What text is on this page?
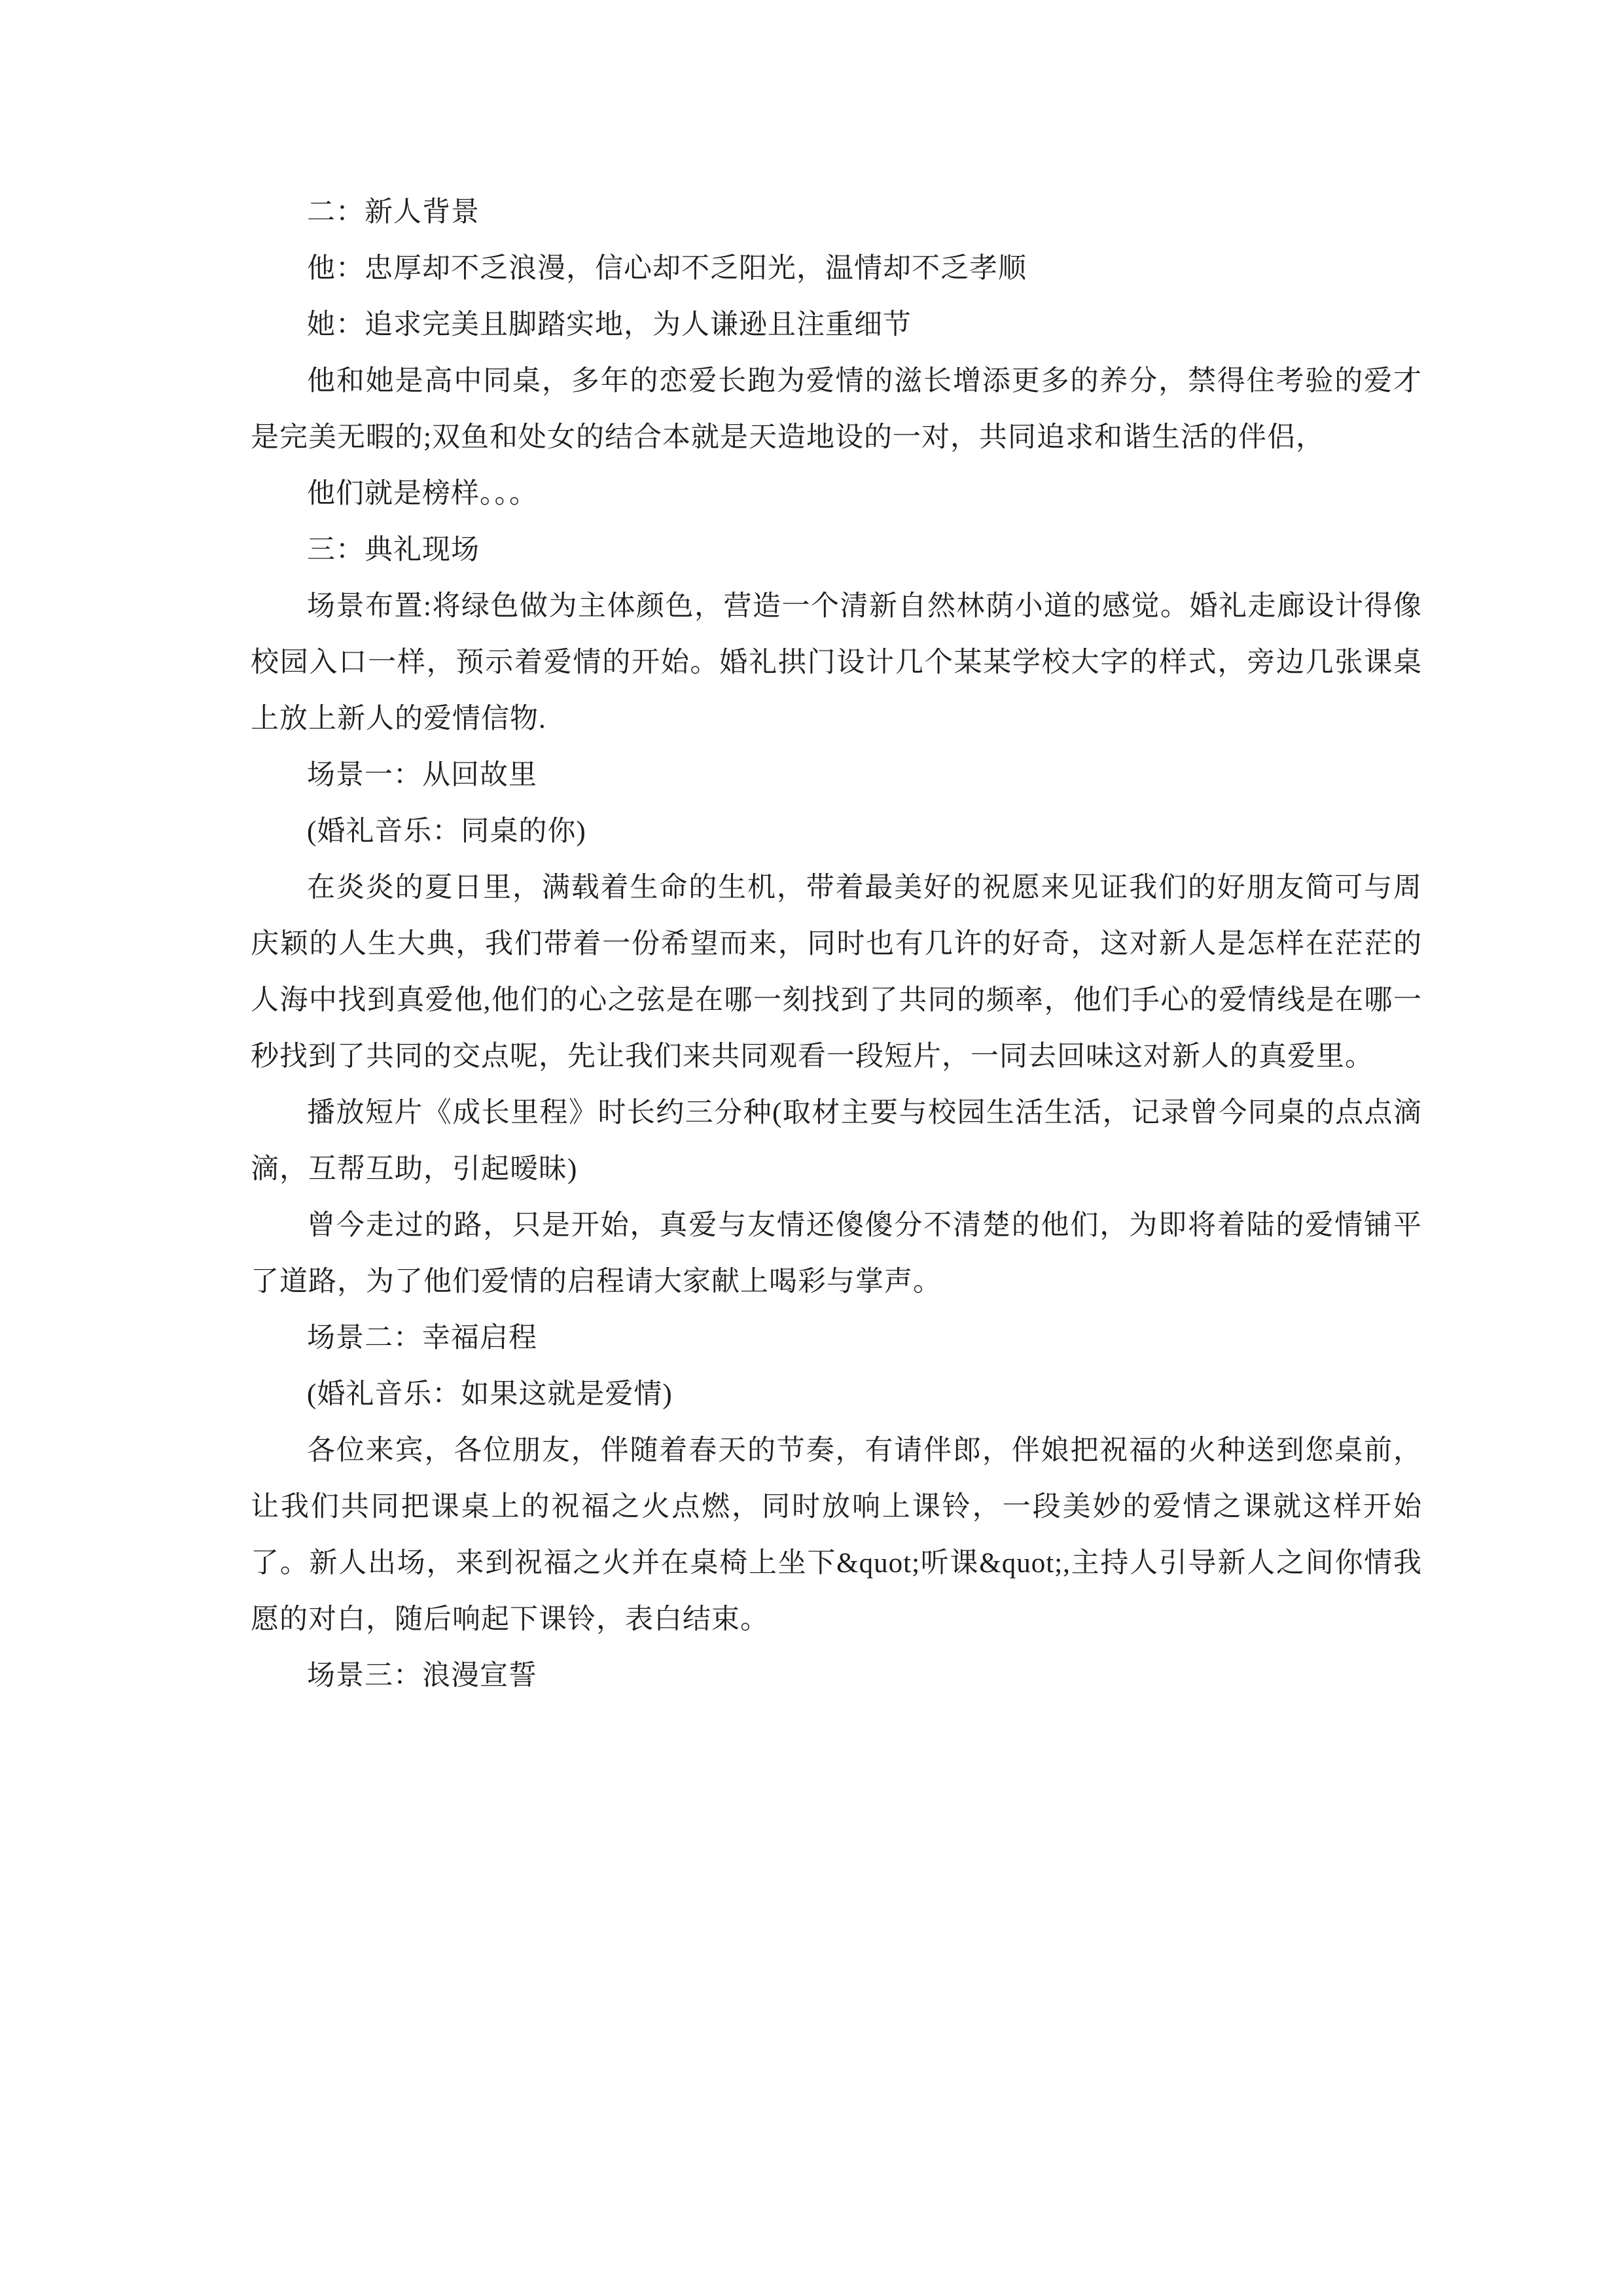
二：新人背景

他：忠厚却不乏浪漫，信心却不乏阳光，温情却不乏孝顺

她：追求完美且脚踏实地，为人谦逊且注重细节

他和她是高中同桌，多年的恋爱长跑为爱情的滋长增添更多的养分，禁得住考验的爱才是完美无暇的;双鱼和处女的结合本就是天造地设的一对，共同追求和谐生活的伴侣，

他们就是榜样。。。

三：典礼现场

场景布置:将绿色做为主体颜色，营造一个清新自然林荫小道的感觉。婚礼走廊设计得像校园入口一样，预示着爱情的开始。婚礼拱门设计几个某某学校大字的样式，旁边几张课桌上放上新人的爱情信物.

场景一：从回故里

(婚礼音乐：同桌的你)

在炎炎的夏日里，满载着生命的生机，带着最美好的祝愿来见证我们的好朋友简可与周庆颖的人生大典，我们带着一份希望而来，同时也有几许的好奇，这对新人是怎样在茫茫的人海中找到真爱他,他们的心之弦是在哪一刻找到了共同的频率，他们手心的爱情线是在哪一秒找到了共同的交点呢，先让我们来共同观看一段短片，一同去回味这对新人的真爱里。

播放短片《成长里程》时长约三分种(取材主要与校园生活生活，记录曾今同桌的点点滴滴，互帮互助，引起暧昧)

曾今走过的路，只是开始，真爱与友情还傻傻分不清楚的他们，为即将着陆的爱情铺平了道路，为了他们爱情的启程请大家献上喝彩与掌声。

场景二：幸福启程

(婚礼音乐：如果这就是爱情)

各位来宾，各位朋友，伴随着春天的节奏，有请伴郎，伴娘把祝福的火种送到您桌前，让我们共同把课桌上的祝福之火点燃，同时放响上课铃，一段美妙的爱情之课就这样开始了。新人出场，来到祝福之火并在桌椅上坐下&quot;听课&quot;,主持人引导新人之间你情我愿的对白，随后响起下课铃，表白结束。

场景三：浪漫宣誓
